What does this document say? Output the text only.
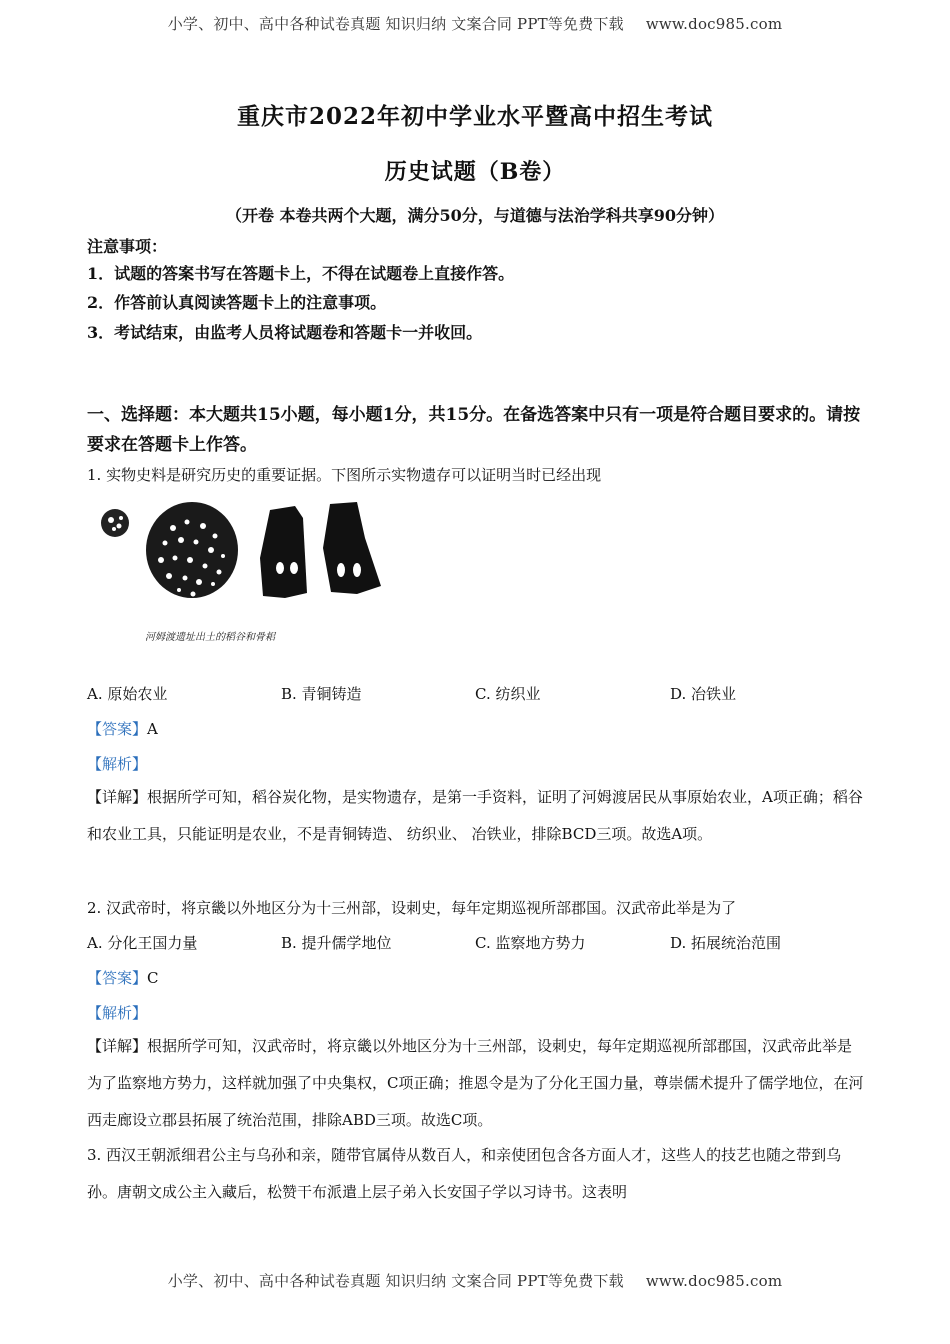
小学、初中、高中各种试卷真题 知识归纳 文案合同 PPT等免费下载 www.doc985.com
重庆市2022年初中学业水平暨高中招生考试
历史试题（B卷）
（开卷 本卷共两个大题，满分50分，与道德与法治学科共享90分钟）
注意事项：
1．试题的答案书写在答题卡上，不得在试题卷上直接作答。
2．作答前认真阅读答题卡上的注意事项。
3．考试结束，由监考人员将试题卷和答题卡一并收回。
一、选择题：本大题共15小题，每小题1分，共15分。在备选答案中只有一项是符合题目要求的。请按要求在答题卡上作答。
1. 实物史料是研究历史的重要证据。下图所示实物遗存可以证明当时已经出现
河姆渡遗址出土的稻谷和骨耜
A. 原始农业	B. 青铜铸造	C. 纺织业	D. 冶铁业
【答案】A
【解析】
【详解】根据所学可知，稻谷炭化物，是实物遗存，是第一手资料，证明了河姆渡居民从事原始农业，A项正确；稻谷和农业工具，只能证明是农业，不是青铜铸造、 纺织业、 冶铁业，排除BCD三项。故选A项。
2. 汉武帝时，将京畿以外地区分为十三州部，设刺史，每年定期巡视所部郡国。汉武帝此举是为了
A. 分化王国力量	B. 提升儒学地位	C. 监察地方势力	D. 拓展统治范围
【答案】C
【解析】
【详解】根据所学可知，汉武帝时，将京畿以外地区分为十三州部，设刺史，每年定期巡视所部郡国，汉武帝此举是为了监察地方势力，这样就加强了中央集权，C项正确；推恩令是为了分化王国力量，尊崇儒术提升了儒学地位，在河西走廊设立郡县拓展了统治范围，排除ABD三项。故选C项。
3. 西汉王朝派细君公主与乌孙和亲，随带官属侍从数百人，和亲使团包含各方面人才，这些人的技艺也随之带到乌孙。唐朝文成公主入藏后，松赞干布派遣上层子弟入长安国子学以习诗书。这表明
小学、初中、高中各种试卷真题 知识归纳 文案合同 PPT等免费下载 www.doc985.com
